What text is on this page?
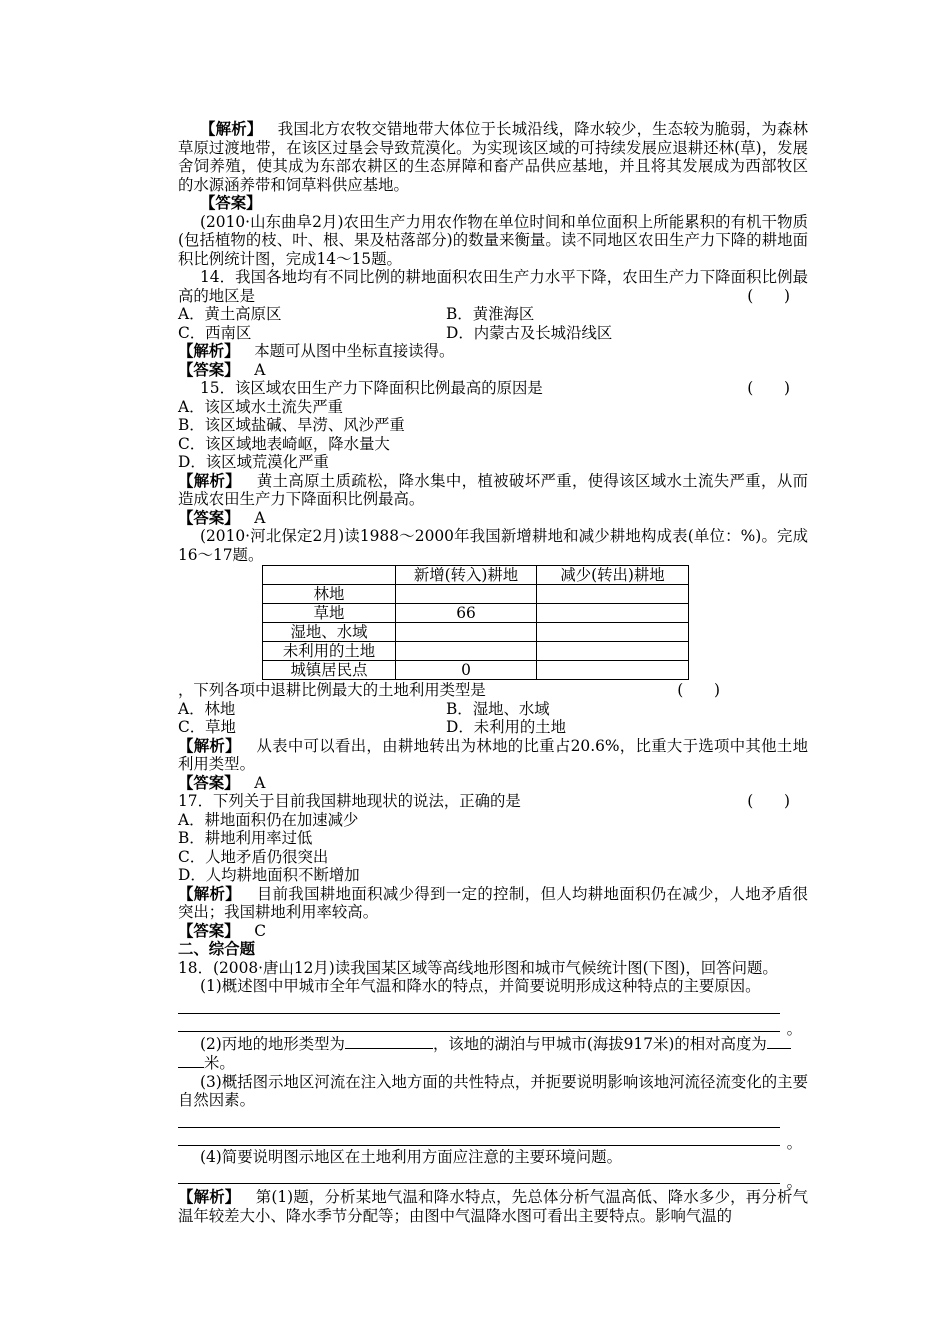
【解析】 我国北方农牧交错地带大体位于长城沿线，降水较少，生态较为脆弱，为森林草原过渡地带，在该区过垦会导致荒漠化。为实现该区域的可持续发展应退耕还林(草)，发展舍饲养殖，使其成为东部农耕区的生态屏障和畜产品供应基地，并且将其发展成为西部牧区的水源涵养带和饲草料供应基地。

【答案】

(2010·山东曲阜2月)农田生产力用农作物在单位时间和单位面积上所能累积的有机干物质(包括植物的枝、叶、根、果及枯落部分)的数量来衡量。读不同地区农田生产力下降的耕地面积比例统计图，完成14～15题。

14．我国各地均有不同比例的耕地面积农田生产力水平下降，农田生产力下降面积比例最高的地区是	(　　)

A．黄土高原区	B．黄淮海区
C．西南区	D．内蒙古及长城沿线区

【解析】 本题可从图中坐标直接读得。

【答案】 A

15．该区域农田生产力下降面积比例最高的原因是	(　　)

A．该区域水土流失严重

B．该区域盐碱、旱涝、风沙严重

C．该区域地表崎岖，降水量大

D．该区域荒漠化严重

【解析】 黄土高原土质疏松，降水集中，植被破坏严重，使得该区域水土流失严重，从而造成农田生产力下降面积比例最高。

【答案】 A

(2010·河北保定2月)读1988～2000年我国新增耕地和减少耕地构成表(单位：%)。完成16～17题。

	新增(转入)耕地	减少(转出)耕地
林地		
草地	66	
湿地、水域		
未利用的土地		
城镇居民点	0	

，下列各项中退耕比例最大的土地利用类型是	(　　)

A．林地	B．湿地、水域
C．草地	D．未利用的土地

【解析】 从表中可以看出，由耕地转出为林地的比重占20.6%，比重大于选项中其他土地利用类型。

【答案】 A

17．下列关于目前我国耕地现状的说法，正确的是	(　　)

A．耕地面积仍在加速减少

B．耕地利用率过低

C．人地矛盾仍很突出

D．人均耕地面积不断增加

【解析】 目前我国耕地面积减少得到一定的控制，但人均耕地面积仍在减少，人地矛盾很突出；我国耕地利用率较高。

【答案】 C

二、综合题

18．(2008·唐山12月)读我国某区域等高线地形图和城市气候统计图(下图)，回答问题。

(1)概述图中甲城市全年气温和降水的特点，并简要说明形成这种特点的主要原因。

。

(2)丙地的地形类型为	，该地的湖泊与甲城市(海拔917米)的相对高度为

米。

(3)概括图示地区河流在注入地方面的共性特点，并扼要说明影响该地河流径流变化的主要自然因素。

。

(4)简要说明图示地区在土地利用方面应注意的主要环境问题。

。

【解析】 第(1)题，分析某地气温和降水特点，先总体分析气温高低、降水多少，再分析气温年较差大小、降水季节分配等；由图中气温降水图可看出主要特点。影响气温的
